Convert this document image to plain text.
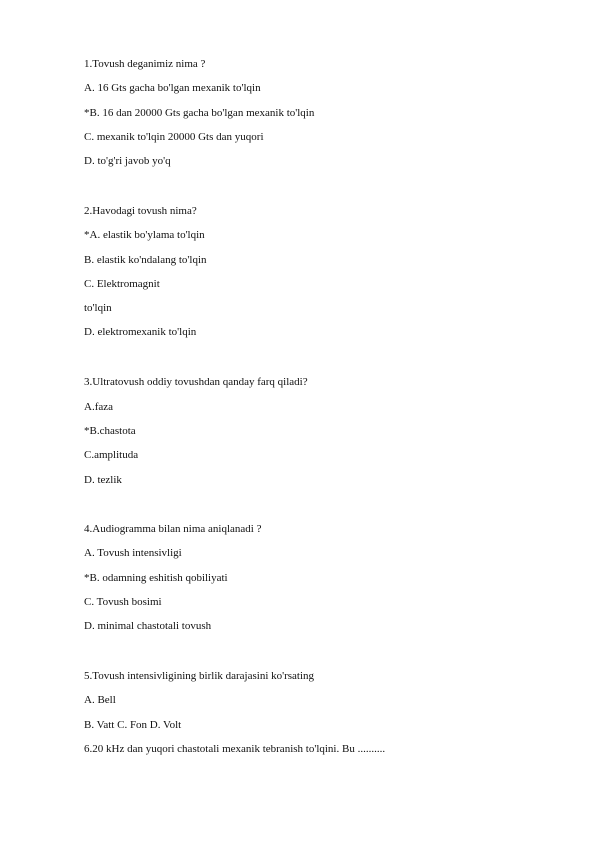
1.Tovush deganimiz nima ?
A. 16 Gts gacha bo'lgan mexanik to'lqin
*B. 16 dan 20000 Gts gacha bo'lgan mexanik to'lqin
C. mexanik to'lqin 20000 Gts dan yuqori
D. to'g'ri javob yo'q
2.Havodagi tovush nima?
*A. elastik bo'ylama to'lqin
B. elastik ko'ndalang to'lqin
C. Elektromagnit
to'lqin
D. elektromexanik to'lqin
3.Ultratovush oddiy tovushdan qanday farq qiladi?
A.faza
*B.chastota
C.amplituda
D. tezlik
4.Audiogramma bilan nima aniqlanadi ?
A. Tovush intensivligi
*B. odamning eshitish qobiliyati
C. Tovush bosimi
D. minimal chastotali tovush
5.Tovush intensivligining birlik darajasini ko'rsating
A. Bell
B. Vatt C. Fon D. Volt
6.20 kHz dan yuqori chastotali mexanik tebranish to'lqini. Bu ..........
